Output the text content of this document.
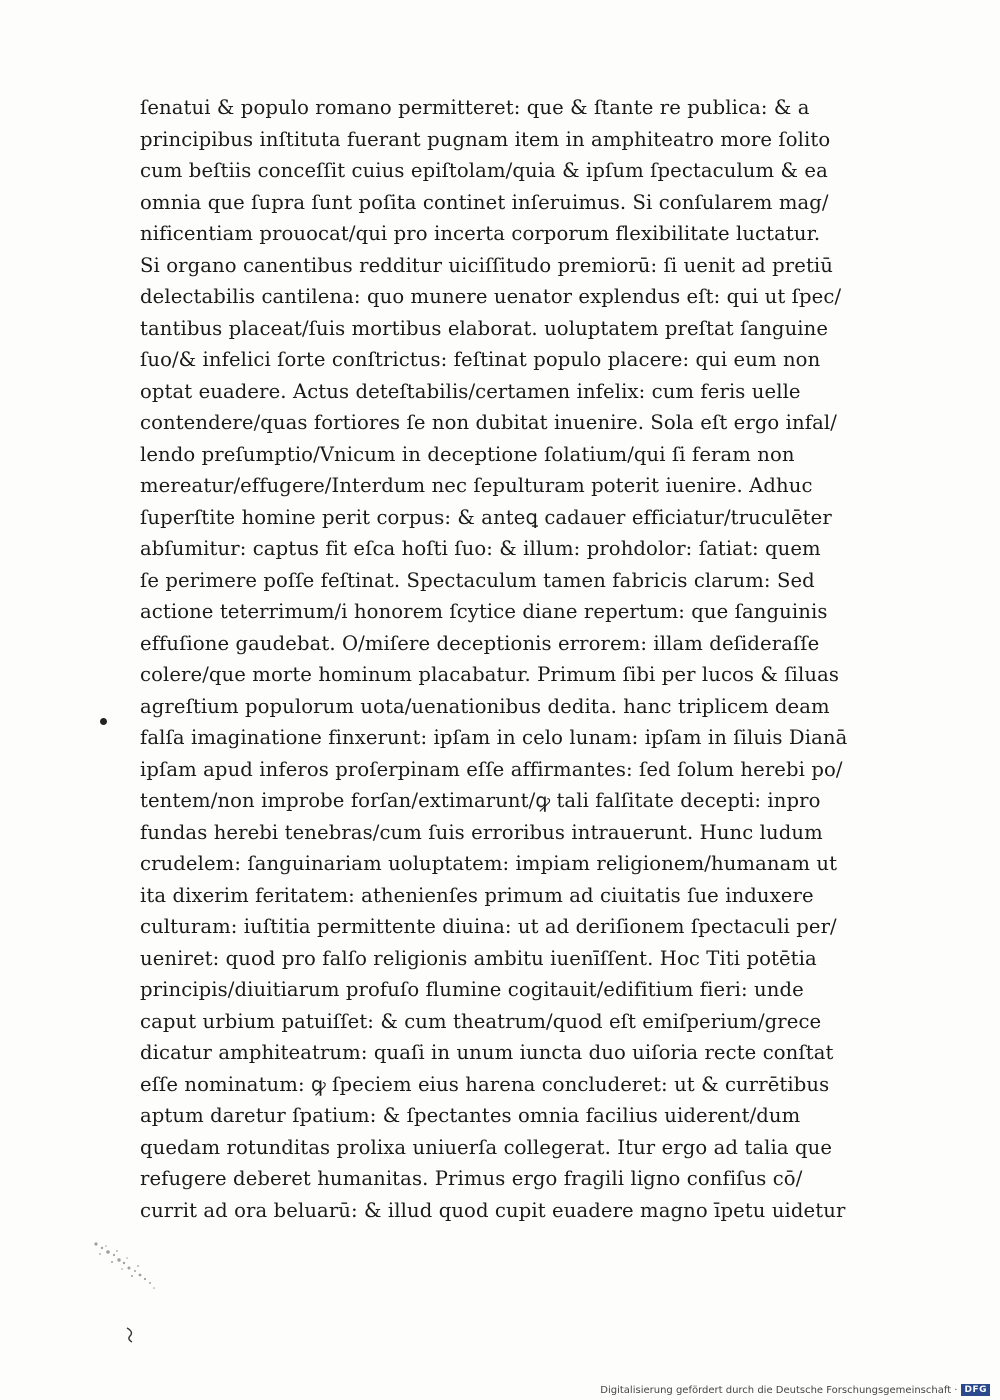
ſenatui & populo romano permitteret: que & ſtante re publica: & a
principibus inſtituta fuerant pugnam item in amphiteatro more ſolito
cum beſtiis conceſſit cuius epiſtolam/quia & ipſum ſpectaculum & ea
omnia que ſupra ſunt poſita continet inſeruimus. Si conſularem mag/
nificentiam prouocat/qui pro incerta corporum flexibilitate luctatur.
Si organo canentibus redditur uiciſſitudo premiorū: ſi uenit ad pretiū
delectabilis cantilena: quo munere uenator explendus eſt: qui ut ſpec/
tantibus placeat/ſuis mortibus elaborat. uoluptatem preſtat ſanguine
ſuo/& infelici ſorte conſtrictus: feſtinat populo placere: qui eum non
optat euadere. Actus deteſtabilis/certamen infelix: cum feris uelle
contendere/quas fortiores ſe non dubitat inuenire. Sola eſt ergo infal/
lendo preſumptio/Vnicum in deceptione ſolatium/qui ſi feram non
mereatur/effugere/Interdum nec ſepulturam poterit iuenire. Adhuc
ſuperſtite homine perit corpus: & anteꝗ cadauer efficiatur/truculēter
abſumitur: captus fit eſca hoſti ſuo: & illum: prohdolor: ſatiat: quem
ſe perimere poſſe feſtinat. Spectaculum tamen fabricis clarum: Sed
actione teterrimum/i honorem ſcytice diane repertum: que ſanguinis
effuſione gaudebat. O/miſere deceptionis errorem: illam deſideraſſe
colere/que morte hominum placabatur. Primum ſibi per lucos & ſiluas
agreſtium populorum uota/uenationibus dedita. hanc triplicem deam
falſa imaginatione finxerunt: ipſam in celo lunam: ipſam in ſiluis Dianā
ipſam apud inferos proſerpinam eſſe affirmantes: ſed ſolum herebi po/
tentem/non improbe forſan/extimarunt/ꝙ tali falſitate decepti: inpro
fundas herebi tenebras/cum ſuis erroribus intrauerunt. Hunc ludum
crudelem: ſanguinariam uoluptatem: impiam religionem/humanam ut
ita dixerim feritatem: athenienſes primum ad ciuitatis ſue induxere
culturam: iuſtitia permittente diuina: ut ad deriſionem ſpectaculi per/
ueniret: quod pro falſo religionis ambitu iuenīſſent. Hoc Titi potētia
principis/diuitiarum profuſo flumine cogitauit/edifitium fieri: unde
caput urbium patuiſſet: & cum theatrum/quod eſt emiſperium/grece
dicatur amphiteatrum: quaſi in unum iuncta duo uiſoria recte conſtat
eſſe nominatum: ꝙ ſpeciem eius harena concluderet: ut & currētibus
aptum daretur ſpatium: & ſpectantes omnia facilius uiderent/dum
quedam rotunditas prolixa uniuerſa collegerat. Itur ergo ad talia que
refugere deberet humanitas. Primus ergo fragili ligno confiſus cō/
currit ad ora beluarū: & illud quod cupit euadere magno īpetu uidetur
Digitalisierung gefördert durch die Deutsche Forschungsgemeinschaft · DFG
